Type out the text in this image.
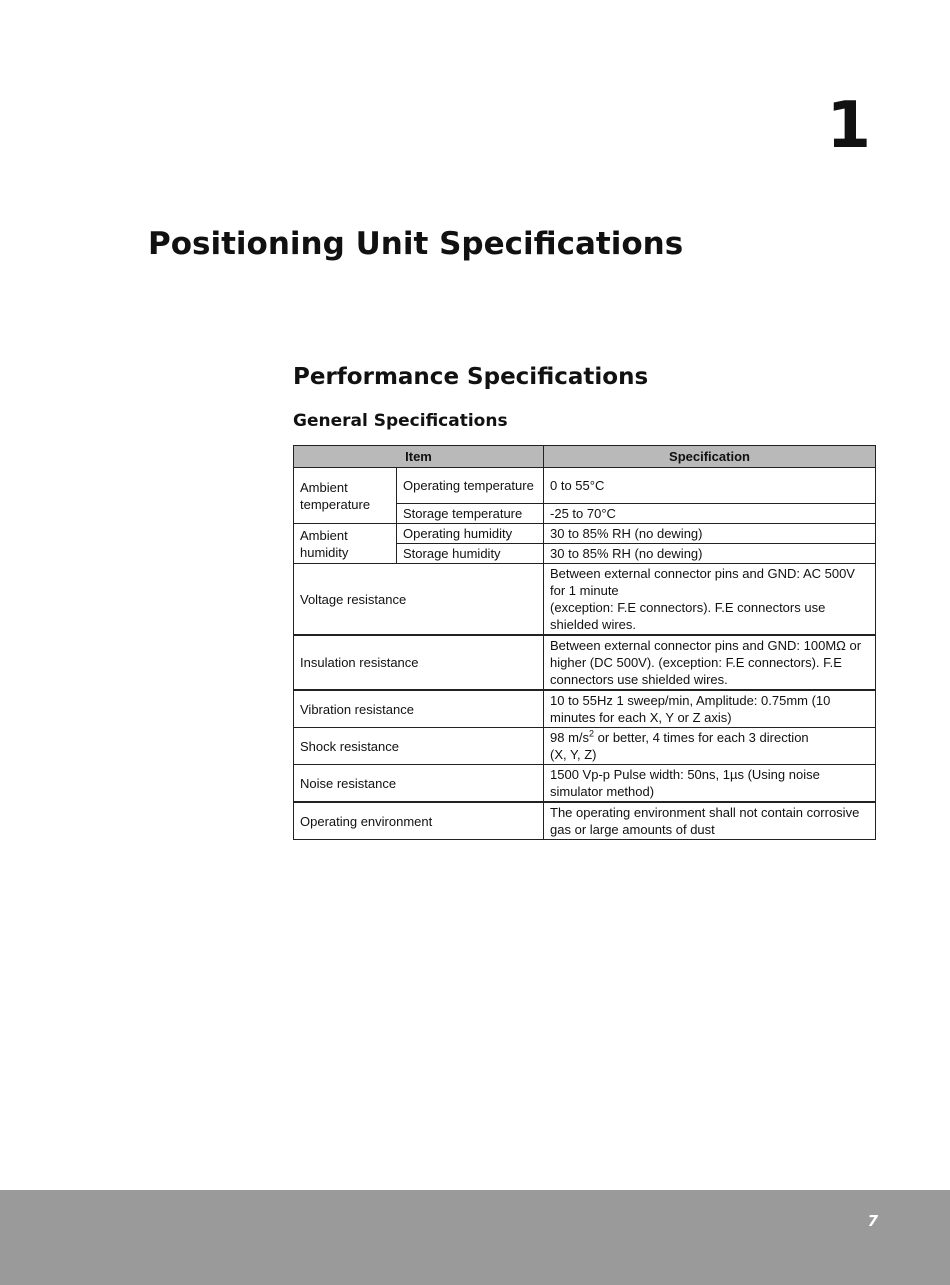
1
Positioning Unit Specifications
Performance Specifications
General Specifications
Item		Specification
Ambient temperature	Operating temperature	0 to 55°C
	Storage temperature	-25 to 70°C
Ambient humidity	Operating humidity	30 to 85% RH (no dewing)
	Storage humidity	30 to 85% RH (no dewing)
Voltage resistance		Between external connector pins and GND: AC 500V for 1 minute
(exception: F.E connectors). F.E connectors use shielded wires.

Insulation resistance		Between external connector pins and GND: 100MΩ or higher (DC 500V). (exception: F.E connectors). F.E connectors use shielded wires.
Vibration resistance		10 to 55Hz 1 sweep/min, Amplitude: 0.75mm (10 minutes for each X, Y or Z axis)
Shock resistance		98 $m/s^2$ or better, 4 times for each 3 direction
(X, Y, Z)

Noise resistance		1500 Vp-p Pulse width: 50ns, 1µs (Using noise simulator method)
Operating environment		The operating environment shall not contain corrosive gas or large amounts of dust
7
